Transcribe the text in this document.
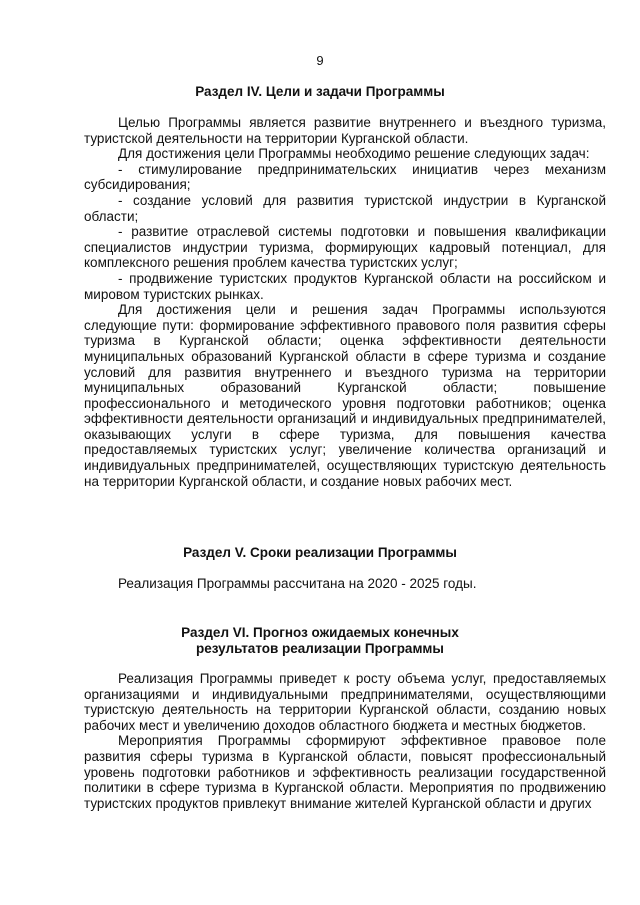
9
Раздел IV. Цели и задачи Программы

Целью Программы является развитие внутреннего и въездного туризма, туристской деятельности на территории Курганской области.

Для достижения цели Программы необходимо решение следующих задач:

- стимулирование предпринимательских инициатив через механизм субсидирования;

- создание условий для развития туристской индустрии в Курганской области;

- развитие отраслевой системы подготовки и повышения квалификации специалистов индустрии туризма, формирующих кадровый потенциал, для комплексного решения проблем качества туристских услуг;

- продвижение туристских продуктов Курганской области на российском и мировом туристских рынках.

Для достижения цели и решения задач Программы используются следующие пути: формирование эффективного правового поля развития сферы туризма в Курганской области; оценка эффективности деятельности муниципальных образований Курганской области в сфере туризма и создание условий для развития внутреннего и въездного туризма на территории муниципальных образований Курганской области; повышение профессионального и методического уровня подготовки работников; оценка эффективности деятельности организаций и индивидуальных предпринимателей, оказывающих услуги в сфере туризма, для повышения качества предоставляемых туристских услуг; увеличение количества организаций и индивидуальных предпринимателей, осуществляющих туристскую деятельность на территории Курганской области, и создание новых рабочих мест.

Раздел V. Сроки реализации Программы

Реализация Программы рассчитана на 2020 - 2025 годы.

Раздел VI. Прогноз ожидаемых конечных
результатов реализации Программы

Реализация Программы приведет к росту объема услуг, предоставляемых организациями и индивидуальными предпринимателями, осуществляющими туристскую деятельность на территории Курганской области, созданию новых рабочих мест и увеличению доходов областного бюджета и местных бюджетов.

Мероприятия Программы сформируют эффективное правовое поле развития сферы туризма в Курганской области, повысят профессиональный уровень подготовки работников и эффективность реализации государственной политики в сфере туризма в Курганской области. Мероприятия по продвижению туристских продуктов привлекут внимание жителей Курганской области и других
